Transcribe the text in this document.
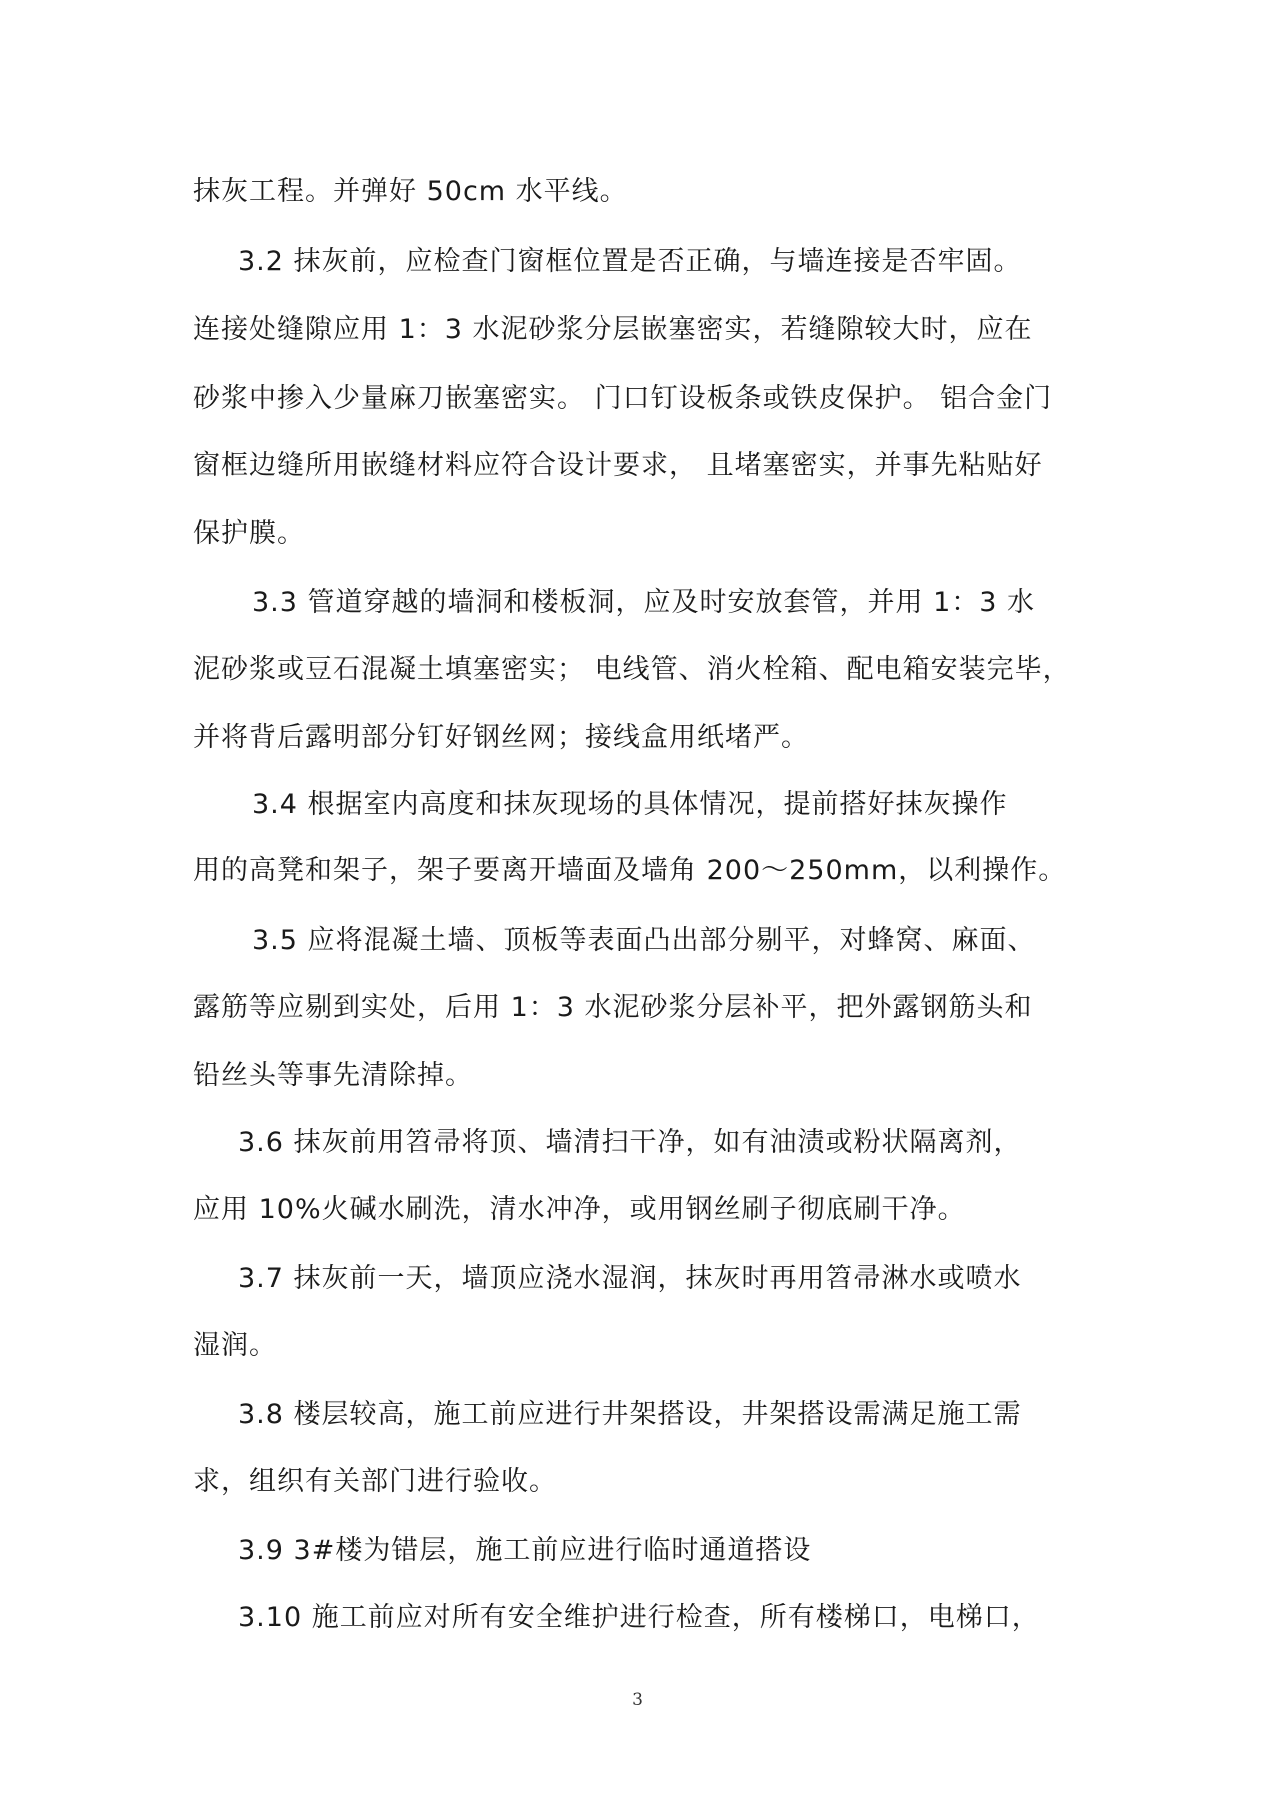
抹灰工程。并弹好 50cm 水平线。
3.2 抹灰前，应检查门窗框位置是否正确，与墙连接是否牢固。
连接处缝隙应用 1：3 水泥砂浆分层嵌塞密实，若缝隙较大时，应在
砂浆中掺入少量麻刀嵌塞密实。 门口钉设板条或铁皮保护。 铝合金门
窗框边缝所用嵌缝材料应符合设计要求， 且堵塞密实，并事先粘贴好
保护膜。
3.3 管道穿越的墙洞和楼板洞，应及时安放套管，并用 1：3 水
泥砂浆或豆石混凝土填塞密实； 电线管、消火栓箱、配电箱安装完毕，
并将背后露明部分钉好钢丝网；接线盒用纸堵严。
3.4 根据室内高度和抹灰现场的具体情况，提前搭好抹灰操作
用的高凳和架子，架子要离开墙面及墙角 200～250mm，以利操作。
3.5 应将混凝土墙、顶板等表面凸出部分剔平，对蜂窝、麻面、
露筋等应剔到实处，后用 1：3 水泥砂浆分层补平，把外露钢筋头和
铅丝头等事先清除掉。
3.6 抹灰前用笤帚将顶、墙清扫干净，如有油渍或粉状隔离剂，
应用 10%火碱水刷洗，清水冲净，或用钢丝刷子彻底刷干净。
3.7 抹灰前一天，墙顶应浇水湿润，抹灰时再用笤帚淋水或喷水
湿润。
3.8 楼层较高，施工前应进行井架搭设，井架搭设需满足施工需
求，组织有关部门进行验收。
3.9 3#楼为错层，施工前应进行临时通道搭设
3.10 施工前应对所有安全维护进行检查，所有楼梯口，电梯口，
3
